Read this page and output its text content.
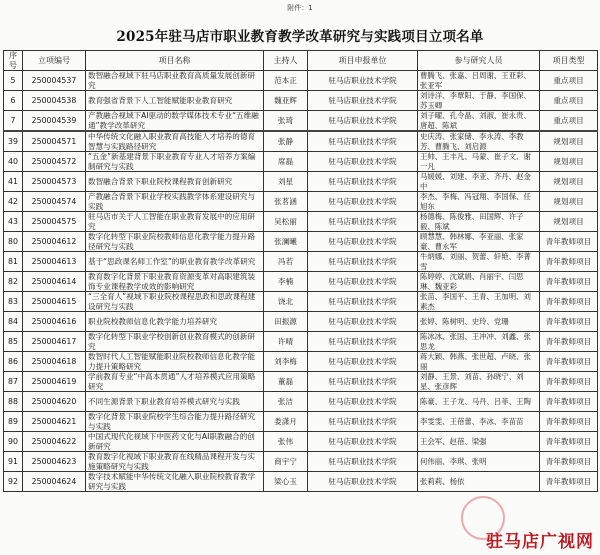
附件：1
2025年驻马店市职业教育教学改革研究与实践项目立项名单
序号	立项编号	项目名称	主持人	项目申报单位	参与研究人员	项目类型
5	250004537	数智融合视域下驻马店职业教育高质量发展创新研究	范本正	驻马店职业技术学院	曹腾飞、张嘉、吕周谢、王亚彩、张亚军	重点项目
6	250004538	教育强省背景下人工智能赋能职业教育研究	魏亚辉	驻马店职业技术学院	刘诗洋、李覃阳、于静、李国保、苏玉卿	重点项目
7	250004539	产教融合视域下AI驱动的数学媒体技术专业“五维融通”教学改革研究	张琦	驻马店职业技术学院	刘子曜、孔令晶、刘淑、崔永贵、唐超、陈斌	重点项目
39	250004571	中华传统文化融入职业教育高技能人才培养的德育智慧与实践路径研究	张静	驻马店职业技术学院	史庆涛、张家储、李永涛、李教芳、曹腾飞、刘启源	规划项目
40	250004572	“五金”新基建背景下职业教育专业人才培养方案编制研究与实践	席磊	驻马店职业技术学院	王帅、王丰凡、马蒙、崔子文、谢一凡	规划项目
41	250004573	数智融合背景下职业院校课程教育创新研究	刘星	驻马店职业技术学院	马媛媛、刘建、李亚、齐丹、赵金中	规划项目
42	250004574	产教融合背景下职业学校实践教学体系建设研究与实践	张茗涵	驻马店职业技术学院	李杰、李梅、冯冠翔、李国保、任旭东	规划项目
43	250004575	驻马店市关于人工智能在职业教育发展中的应用研究	吴松丽	驻马店职业技术学院	杨德梅、陈俊雅、田国辉、许子毅、陈斌	规划项目
80	250004612	数字化转型下职业院校教师信息化教学能力提升路径研究与实践	张澜曦	驻马店职业技术学院	顾慧慧、韩林娜、李亚丽、张家豪、曹永军	青年教师项目
81	250004613	基于“思政课名师工作室”的职业教育教学改革研究	冯若	驻马店职业技术学院	牛炳娜、刘丽、贺蕾、轩艳、李菁雪	青年教师项目
82	250004614	教育数字化背景下职业教育资源变革对高职建筑装饰专业课程教学成效的影响研究	李楠	驻马店职业技术学院	陈婷婷、沈斌娟、肖丽宇、闫思琳、魏亚彩	青年教师项目
83	250004615	“三全育人”视域下职业院校课程思政和思政课程建设研究与实践	饶北	驻马店职业技术学院	张苗、李国平、王青、王加明、刘素杰	青年教师项目
84	250004616	职业院校教师信息化教学能力培养研究	田振源	驻马店职业技术学院	张婷、陈树明、史玲、党珊	青年教师项目
85	250004617	数字化转型下职业学校创新创业教育模式的创新研究	许晴	驻马店职业技术学院	陈冰冰、张国、王冲冲、刘鑫、张思龙	青年教师项目
86	250004618	数智时代人工智能赋能职业院校教师信息化教学能力提升策略研究	刘李梅	驻马店职业技术学院	蒋大颖、韩燕、张世超、卢晓、张丽	青年教师项目
87	250004619	学前教育专业“中高本贯通”人才培养模式应用策略研究	董磊	驻马店职业技术学院	刘静、王景、刘苗、孙晓宁、刘星、张彦辉	青年教师项目
88	250004620	不同生源背景下职业教育培养模式研究与实践	张洁	驻马店职业技术学院	陈豪、王子龙、马丹、吕菲、王陶	青年教师项目
89	250004621	数字化背景下职业院校学生综合能力提升路径研究与实践	娄潇月	驻马店职业技术学院	李雯雯、王蓓蕾、李冰、李苗苗	青年教师项目
90	250004622	中国式现代化视域下中医药文化与AI职教融合的创新研究	张伟	驻马店职业技术学院	王会军、赵蓓、梁强	青年教师项目
91	250004623	教育数字化视域下职业教育在线精品课程开发与实施策略研究与实践	商宇宁	驻马店职业技术学院	何伟丽、李琪、张明	青年教师项目
92	250004624	数字技术赋能中华传统文化融入职业院校教育教学研究与实践	梁心玉	驻马店职业技术学院	张莉莉、杨依	青年教师项目
驻马店广视网
